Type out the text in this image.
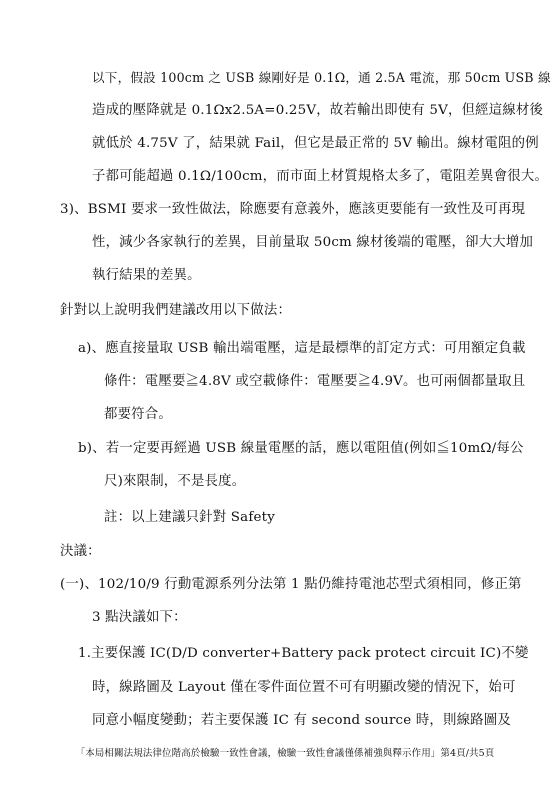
以下，假設 100cm 之 USB 線剛好是 0.1Ω，通 2.5A 電流，那 50cm USB 線
造成的壓降就是 0.1Ωx2.5A=0.25V，故若輸出即使有 5V，但經這線材後
就低於 4.75V 了，結果就 Fail，但它是最正常的 5V 輸出。線材電阻的例
子都可能超過 0.1Ω/100cm，而市面上材質規格太多了，電阻差異會很大。
3)、BSMI 要求一致性做法，除應要有意義外，應該更要能有一致性及可再現
性，減少各家執行的差異，目前量取 50cm 線材後端的電壓，卻大大增加
執行結果的差異。
針對以上說明我們建議改用以下做法：
a)、應直接量取 USB 輸出端電壓，這是最標準的訂定方式：可用額定負載
條件：電壓要≧4.8V 或空載條件：電壓要≧4.9V。也可兩個都量取且
都要符合。
b)、若一定要再經過 USB 線量電壓的話，應以電阻值(例如≦10mΩ/每公
尺)來限制，不是長度。
註：以上建議只針對 Safety
決議：
(一)、102/10/9 行動電源系列分法第 1 點仍維持電池芯型式須相同，修正第
3 點決議如下：
1.主要保護 IC(D/D converter+Battery pack protect circuit IC)不變
時，線路圖及 Layout 僅在零件面位置不可有明顯改變的情況下，始可
同意小幅度變動；若主要保護 IC 有 second source 時，則線路圖及
「本局相關法規法律位階高於檢驗一致性會議，檢驗一致性會議僅係補強與釋示作用」第4頁/共5頁
